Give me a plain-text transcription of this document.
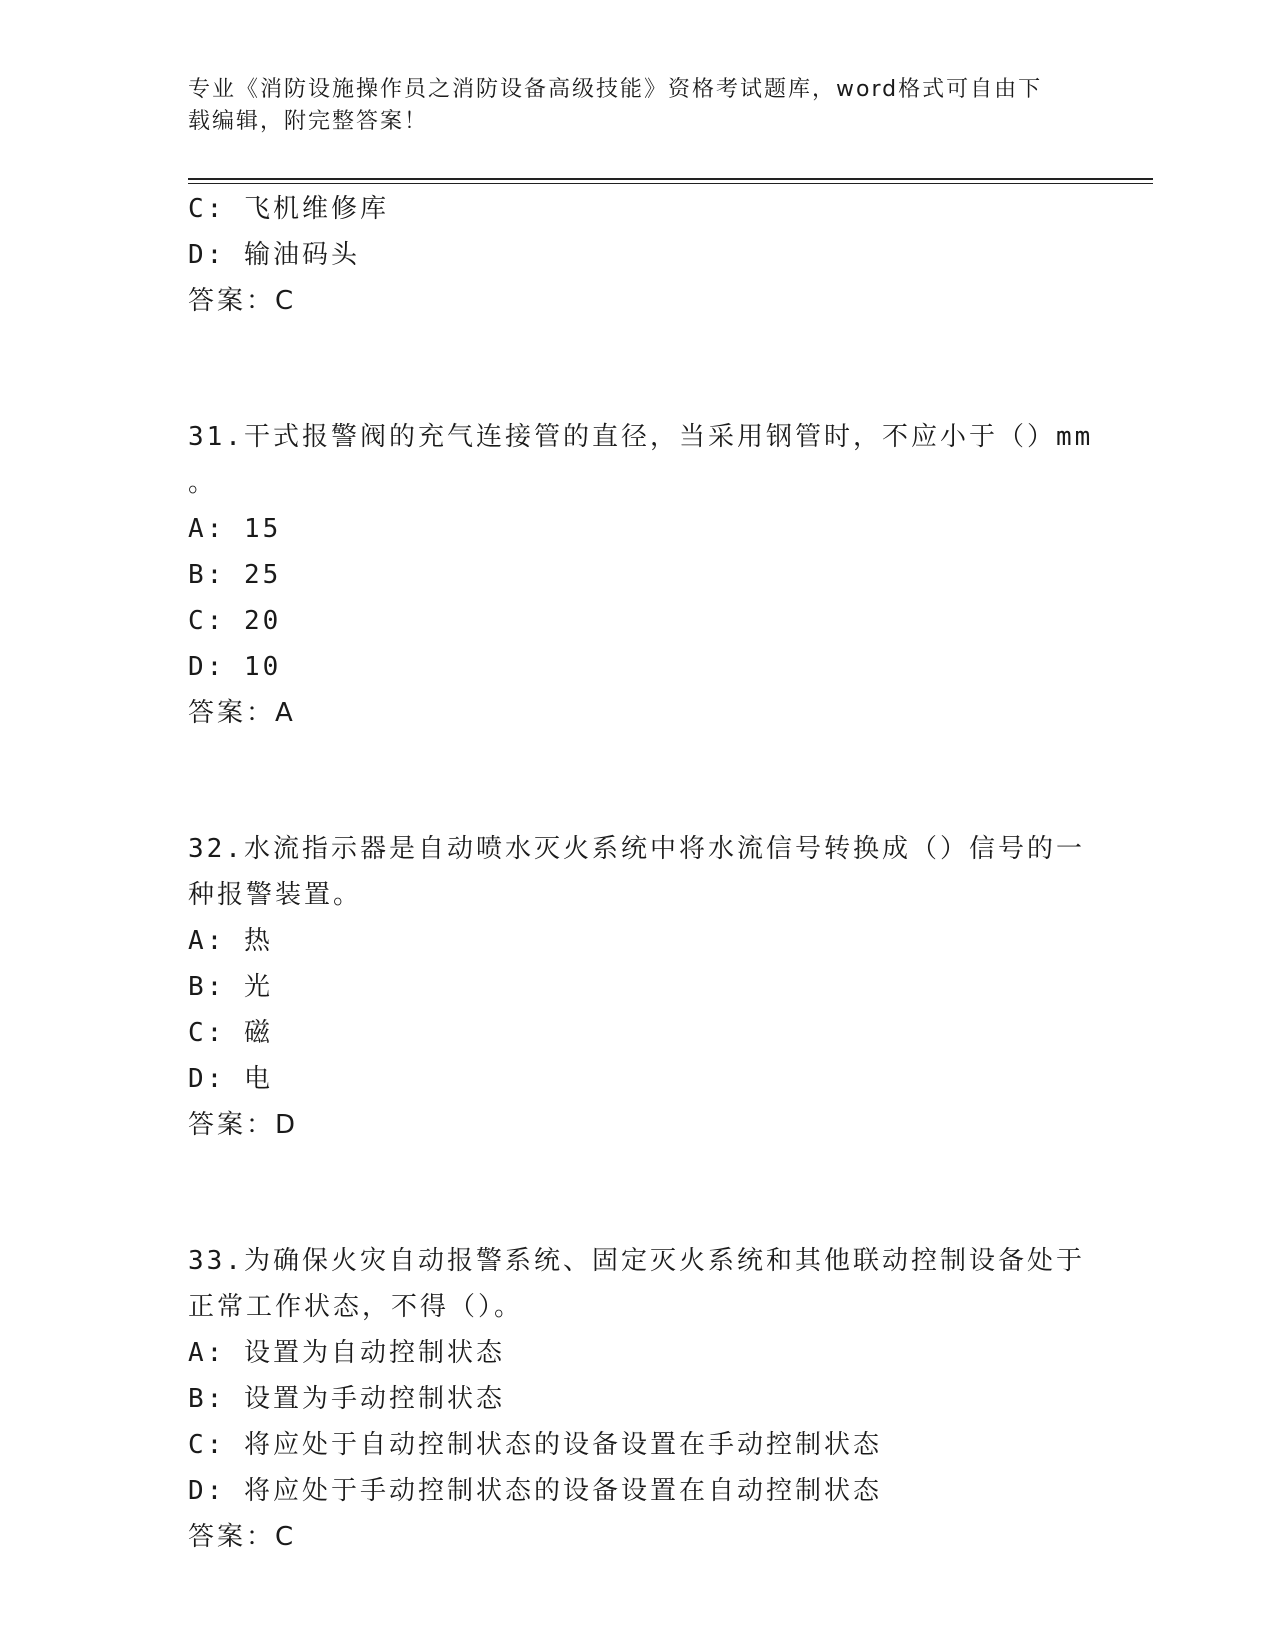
专业《消防设施操作员之消防设备高级技能》资格考试题库，word格式可自由下
载编辑，附完整答案！
C: 飞机维修库
D: 输油码头
答案：C
31.干式报警阀的充气连接管的直径，当采用钢管时，不应小于（）mm
。
A: 15
B: 25
C: 20
D: 10
答案：A
32.水流指示器是自动喷水灭火系统中将水流信号转换成（）信号的一
种报警装置。
A: 热
B: 光
C: 磁
D: 电
答案：D
33.为确保火灾自动报警系统、固定灭火系统和其他联动控制设备处于
正常工作状态，不得（）。
A: 设置为自动控制状态
B: 设置为手动控制状态
C: 将应处于自动控制状态的设备设置在手动控制状态
D: 将应处于手动控制状态的设备设置在自动控制状态
答案：C
